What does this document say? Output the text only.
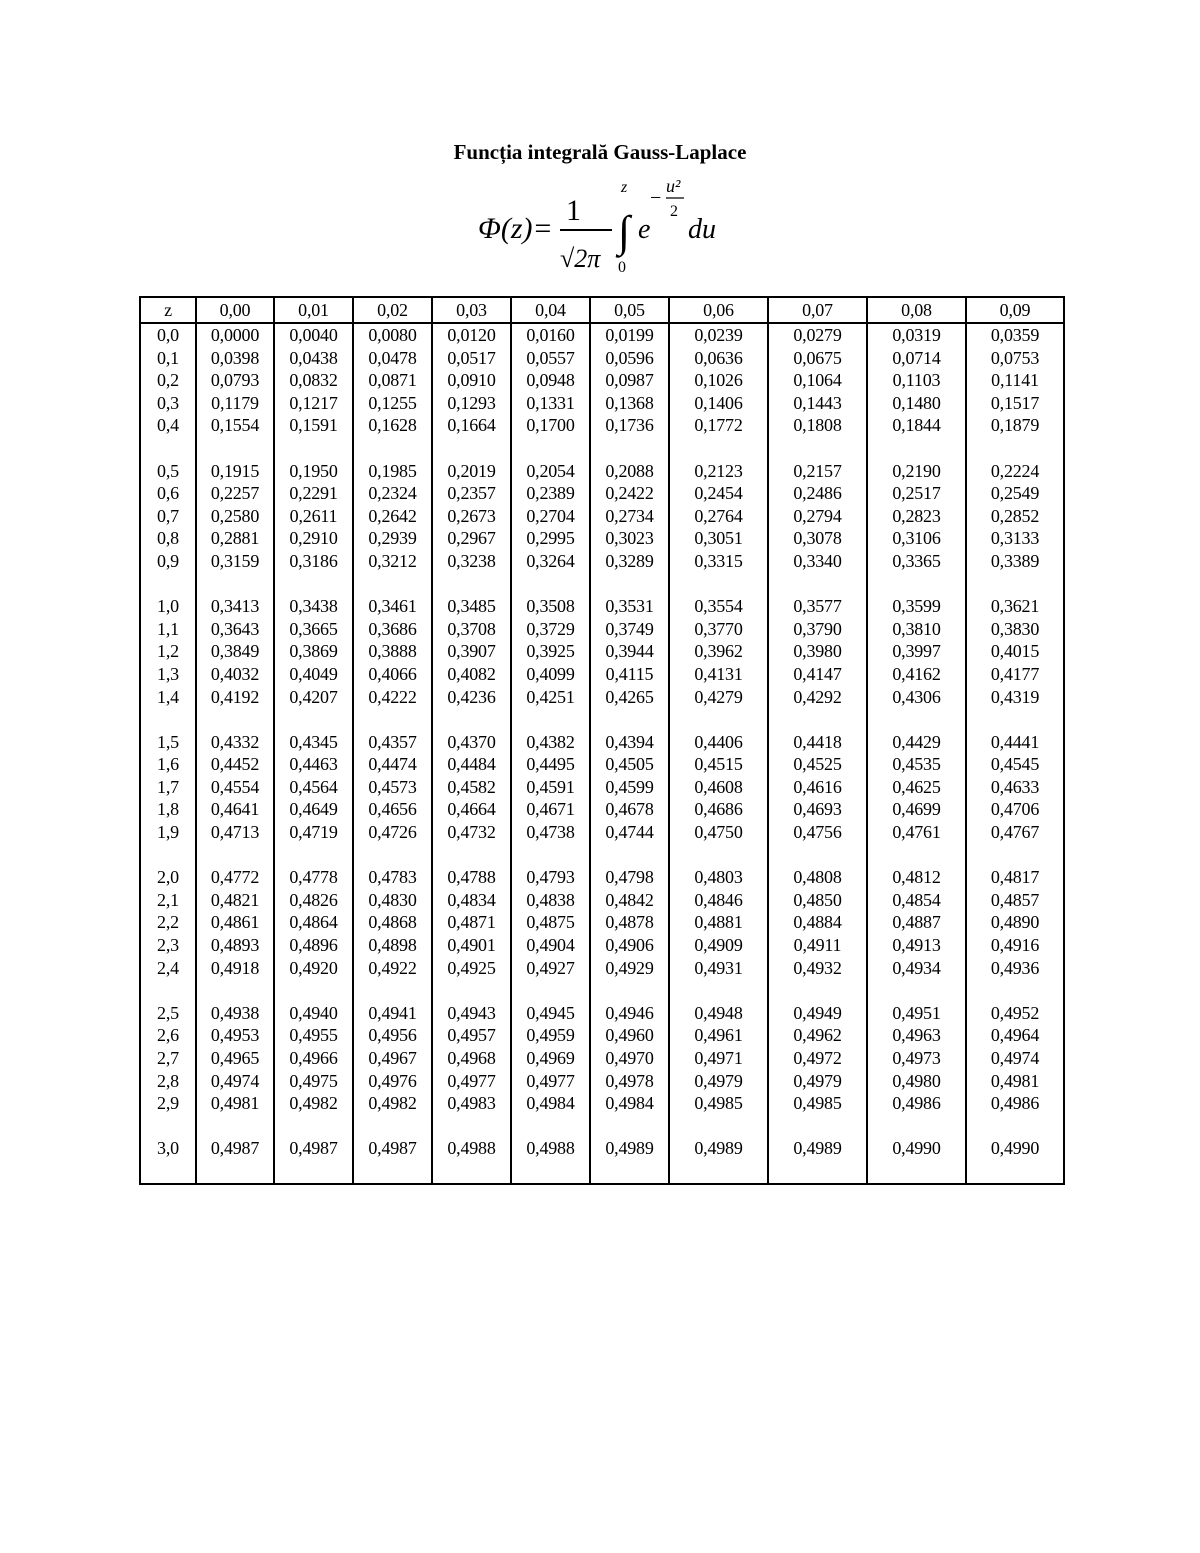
Funcția integrală Gauss-Laplace
Φ(z)=
1
√2π
∫
z
0
e
−
u²
2
du
z	0,00	0,01	0,02	0,03	0,04	0,05	0,06	0,07	0,08	0,09
0,0	0,0000	0,0040	0,0080	0,0120	0,0160	0,0199	0,0239	0,0279	0,0319	0,0359
0,1	0,0398	0,0438	0,0478	0,0517	0,0557	0,0596	0,0636	0,0675	0,0714	0,0753
0,2	0,0793	0,0832	0,0871	0,0910	0,0948	0,0987	0,1026	0,1064	0,1103	0,1141
0,3	0,1179	0,1217	0,1255	0,1293	0,1331	0,1368	0,1406	0,1443	0,1480	0,1517
0,4	0,1554	0,1591	0,1628	0,1664	0,1700	0,1736	0,1772	0,1808	0,1844	0,1879

0,5	0,1915	0,1950	0,1985	0,2019	0,2054	0,2088	0,2123	0,2157	0,2190	0,2224
0,6	0,2257	0,2291	0,2324	0,2357	0,2389	0,2422	0,2454	0,2486	0,2517	0,2549
0,7	0,2580	0,2611	0,2642	0,2673	0,2704	0,2734	0,2764	0,2794	0,2823	0,2852
0,8	0,2881	0,2910	0,2939	0,2967	0,2995	0,3023	0,3051	0,3078	0,3106	0,3133
0,9	0,3159	0,3186	0,3212	0,3238	0,3264	0,3289	0,3315	0,3340	0,3365	0,3389

1,0	0,3413	0,3438	0,3461	0,3485	0,3508	0,3531	0,3554	0,3577	0,3599	0,3621
1,1	0,3643	0,3665	0,3686	0,3708	0,3729	0,3749	0,3770	0,3790	0,3810	0,3830
1,2	0,3849	0,3869	0,3888	0,3907	0,3925	0,3944	0,3962	0,3980	0,3997	0,4015
1,3	0,4032	0,4049	0,4066	0,4082	0,4099	0,4115	0,4131	0,4147	0,4162	0,4177
1,4	0,4192	0,4207	0,4222	0,4236	0,4251	0,4265	0,4279	0,4292	0,4306	0,4319

1,5	0,4332	0,4345	0,4357	0,4370	0,4382	0,4394	0,4406	0,4418	0,4429	0,4441
1,6	0,4452	0,4463	0,4474	0,4484	0,4495	0,4505	0,4515	0,4525	0,4535	0,4545
1,7	0,4554	0,4564	0,4573	0,4582	0,4591	0,4599	0,4608	0,4616	0,4625	0,4633
1,8	0,4641	0,4649	0,4656	0,4664	0,4671	0,4678	0,4686	0,4693	0,4699	0,4706
1,9	0,4713	0,4719	0,4726	0,4732	0,4738	0,4744	0,4750	0,4756	0,4761	0,4767

2,0	0,4772	0,4778	0,4783	0,4788	0,4793	0,4798	0,4803	0,4808	0,4812	0,4817
2,1	0,4821	0,4826	0,4830	0,4834	0,4838	0,4842	0,4846	0,4850	0,4854	0,4857
2,2	0,4861	0,4864	0,4868	0,4871	0,4875	0,4878	0,4881	0,4884	0,4887	0,4890
2,3	0,4893	0,4896	0,4898	0,4901	0,4904	0,4906	0,4909	0,4911	0,4913	0,4916
2,4	0,4918	0,4920	0,4922	0,4925	0,4927	0,4929	0,4931	0,4932	0,4934	0,4936

2,5	0,4938	0,4940	0,4941	0,4943	0,4945	0,4946	0,4948	0,4949	0,4951	0,4952
2,6	0,4953	0,4955	0,4956	0,4957	0,4959	0,4960	0,4961	0,4962	0,4963	0,4964
2,7	0,4965	0,4966	0,4967	0,4968	0,4969	0,4970	0,4971	0,4972	0,4973	0,4974
2,8	0,4974	0,4975	0,4976	0,4977	0,4977	0,4978	0,4979	0,4979	0,4980	0,4981
2,9	0,4981	0,4982	0,4982	0,4983	0,4984	0,4984	0,4985	0,4985	0,4986	0,4986

3,0	0,4987	0,4987	0,4987	0,4988	0,4988	0,4989	0,4989	0,4989	0,4990	0,4990
